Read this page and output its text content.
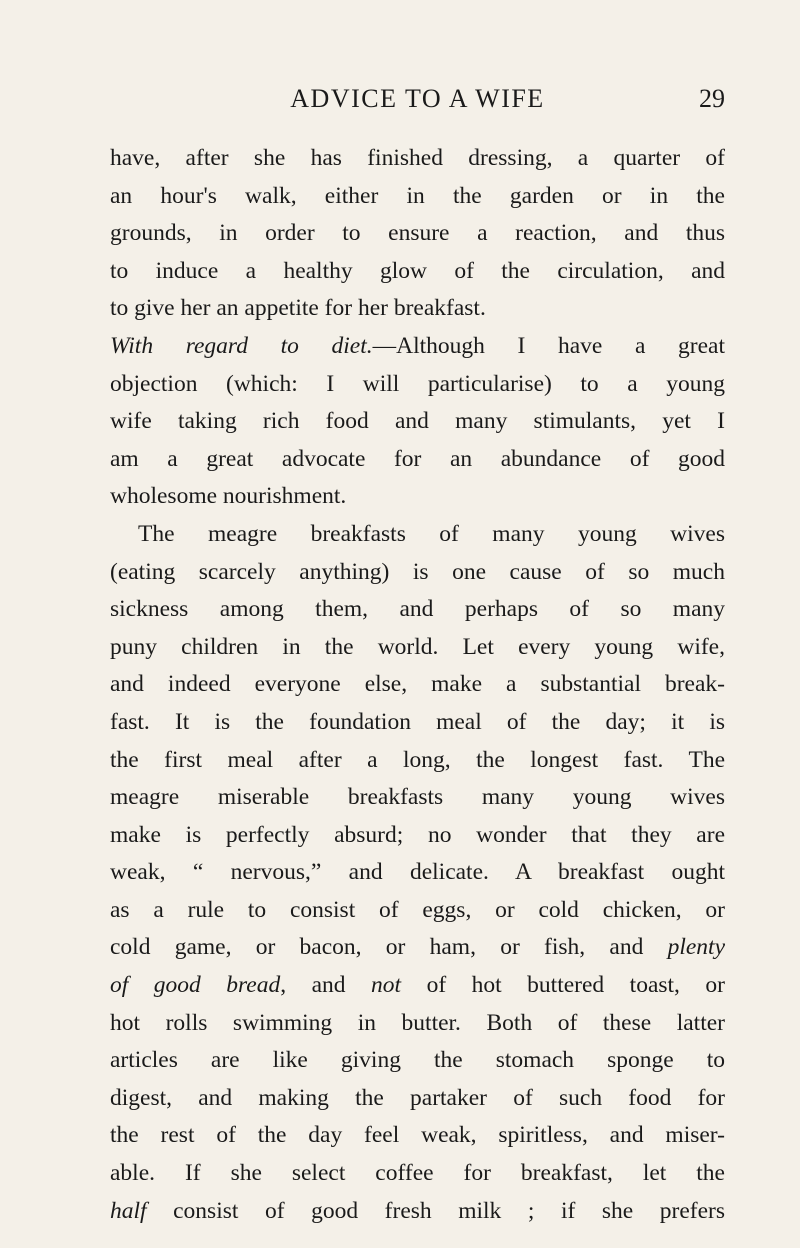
ADVICE TO A WIFE	29
have, after she has finished dressing, a quarter of
an hour's walk, either in the garden or in the
grounds, in order to ensure a reaction, and thus
to induce a healthy glow of the circulation, and
to give her an appetite for her breakfast.
With regard to diet.—Although I have a great
objection (which: I will particularise) to a young
wife taking rich food and many stimulants, yet I
am a great advocate for an abundance of good
wholesome nourishment.
The meagre breakfasts of many young wives
(eating scarcely anything) is one cause of so much
sickness among them, and perhaps of so many
puny children in the world. Let every young wife,
and indeed everyone else, make a substantial break-
fast. It is the foundation meal of the day; it is
the first meal after a long, the longest fast. The
meagre miserable breakfasts many young wives
make is perfectly absurd; no wonder that they are
weak, “ nervous,” and delicate. A breakfast ought
as a rule to consist of eggs, or cold chicken, or
cold game, or bacon, or ham, or fish, and plenty
of good bread, and not of hot buttered toast, or
hot rolls swimming in butter. Both of these latter
articles are like giving the stomach sponge to
digest, and making the partaker of such food for
the rest of the day feel weak, spiritless, and miser-
able. If she select coffee for breakfast, let the
half consist of good fresh milk ; if she prefers
